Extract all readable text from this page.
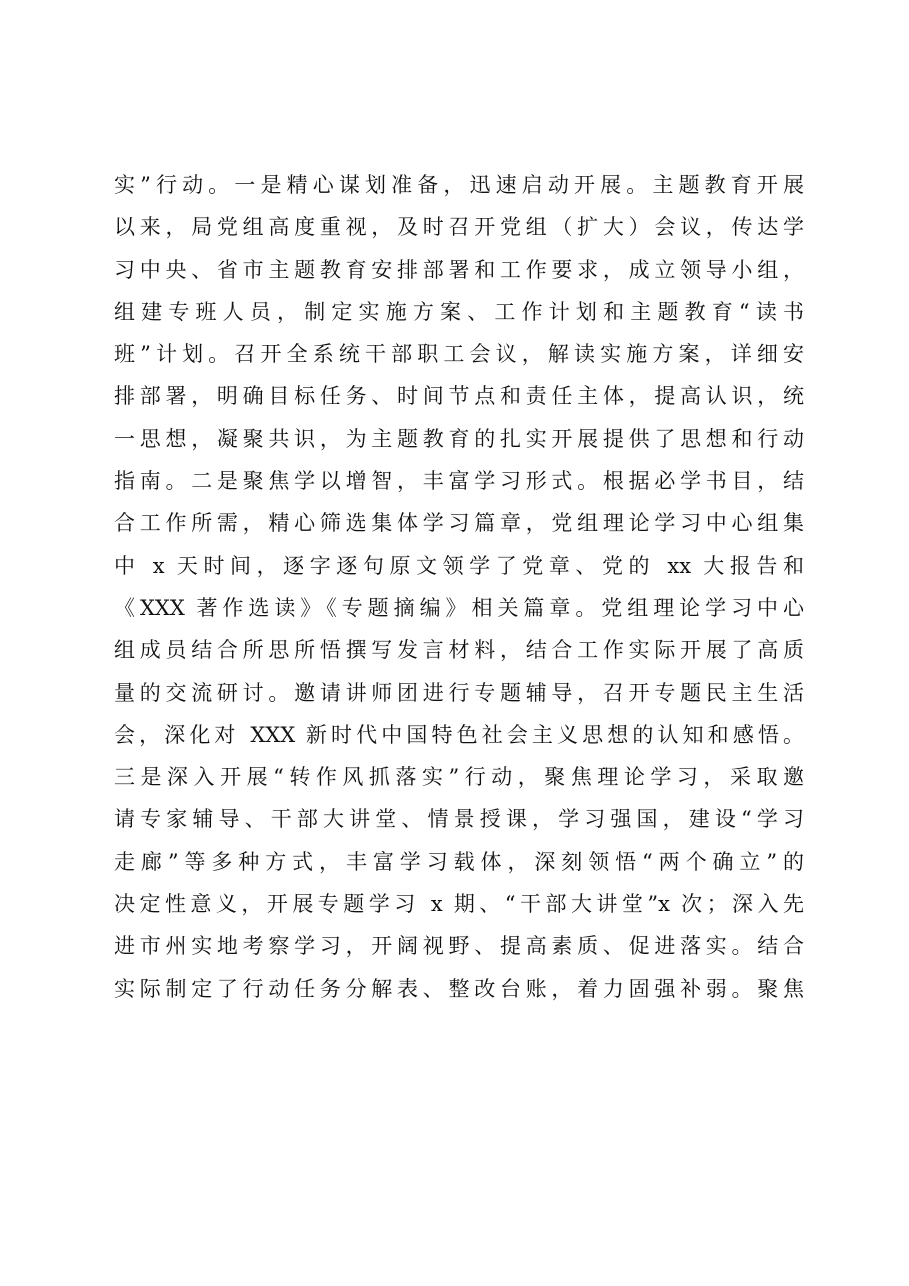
实”行动。一是精心谋划准备，迅速启动开展。主题教育开展
以来，局党组高度重视，及时召开党组（扩大）会议，传达学
习中央、省市主题教育安排部署和工作要求，成立领导小组，
组建专班人员，制定实施方案、工作计划和主题教育“读书
班”计划。召开全系统干部职工会议，解读实施方案，详细安
排部署，明确目标任务、时间节点和责任主体，提高认识，统
一思想，凝聚共识，为主题教育的扎实开展提供了思想和行动
指南。二是聚焦学以增智，丰富学习形式。根据必学书目，结
合工作所需，精心筛选集体学习篇章，党组理论学习中心组集
中 x 天时间，逐字逐句原文领学了党章、党的 xx 大报告和
《XXX 著作选读》《专题摘编》相关篇章。党组理论学习中心
组成员结合所思所悟撰写发言材料，结合工作实际开展了高质
量的交流研讨。邀请讲师团进行专题辅导，召开专题民主生活
会，深化对 XXX 新时代中国特色社会主义思想的认知和感悟。
三是深入开展“转作风抓落实”行动，聚焦理论学习，采取邀
请专家辅导、干部大讲堂、情景授课，学习强国，建设“学习
走廊”等多种方式，丰富学习载体，深刻领悟“两个确立”的
决定性意义，开展专题学习 x 期、“干部大讲堂”x 次；深入先
进市州实地考察学习，开阔视野、提高素质、促进落实。结合
实际制定了行动任务分解表、整改台账，着力固强补弱。聚焦
